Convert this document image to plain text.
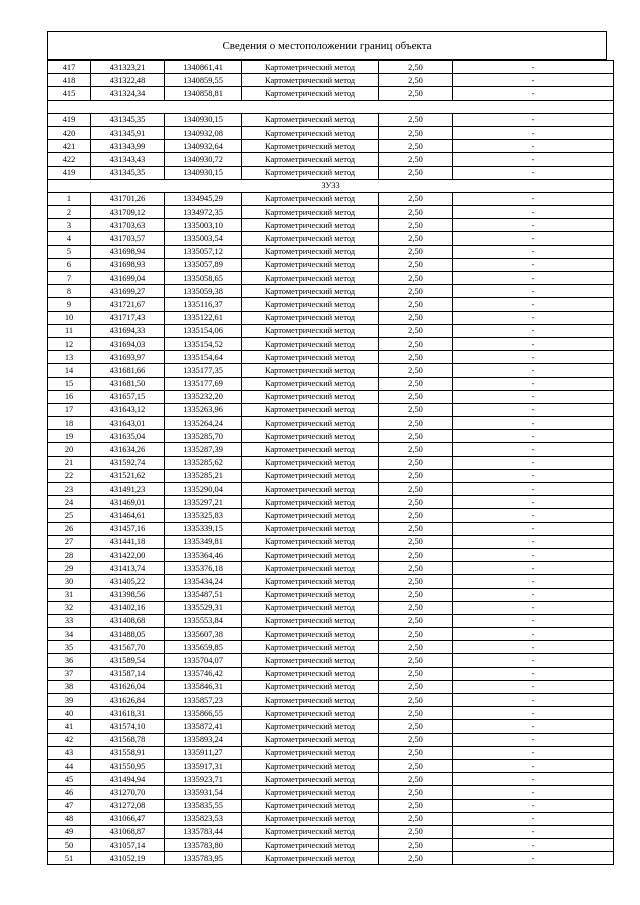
Сведения о местоположении границ объекта
417	431323,21	1340861,41	Картометрический метод	2,50	-
418	431322,48	1340859,55	Картометрический метод	2,50	-
415	431324,34	1340858,81	Картометрический метод	2,50	-

419	431345,35	1340930,15	Картометрический метод	2,50	-
420	431345,91	1340932,08	Картометрический метод	2,50	-
421	431343,99	1340932,64	Картометрический метод	2,50	-
422	431343,43	1340930,72	Картометрический метод	2,50	-
419	431345,35	1340930,15	Картометрический метод	2,50	-
ЗУ33					
1	431701,26	1334945,29	Картометрический метод	2,50	-
2	431709,12	1334972,35	Картометрический метод	2,50	-
3	431703,63	1335003,10	Картометрический метод	2,50	-
4	431703,57	1335003,54	Картометрический метод	2,50	-
5	431698,94	1335057,12	Картометрический метод	2,50	-
6	431698,93	1335057,89	Картометрический метод	2,50	-
7	431699,04	1335058,65	Картометрический метод	2,50	-
8	431699,27	1335059,38	Картометрический метод	2,50	-
9	431721,67	1335116,37	Картометрический метод	2,50	-
10	431717,43	1335122,61	Картометрический метод	2,50	-
11	431694,33	1335154,06	Картометрический метод	2,50	-
12	431694,03	1335154,52	Картометрический метод	2,50	-
13	431693,97	1335154,64	Картометрический метод	2,50	-
14	431681,66	1335177,35	Картометрический метод	2,50	-
15	431681,50	1335177,69	Картометрический метод	2,50	-
16	431657,15	1335232,20	Картометрический метод	2,50	-
17	431643,12	1335263,96	Картометрический метод	2,50	-
18	431643,01	1335264,24	Картометрический метод	2,50	-
19	431635,04	1335285,70	Картометрический метод	2,50	-
20	431634,26	1335287,39	Картометрический метод	2,50	-
21	431592,74	1335285,62	Картометрический метод	2,50	-
22	431521,62	1335285,21	Картометрический метод	2,50	-
23	431491,23	1335290,04	Картометрический метод	2,50	-
24	431469,01	1335297,21	Картометрический метод	2,50	-
25	431464,61	1335325,83	Картометрический метод	2,50	-
26	431457,16	1335339,15	Картометрический метод	2,50	-
27	431441,18	1335349,81	Картометрический метод	2,50	-
28	431422,00	1335364,46	Картометрический метод	2,50	-
29	431413,74	1335376,18	Картометрический метод	2,50	-
30	431405,22	1335434,24	Картометрический метод	2,50	-
31	431398,56	1335487,51	Картометрический метод	2,50	-
32	431402,16	1335529,31	Картометрический метод	2,50	-
33	431408,68	1335553,84	Картометрический метод	2,50	-
34	431488,05	1335607,38	Картометрический метод	2,50	-
35	431567,70	1335659,85	Картометрический метод	2,50	-
36	431589,54	1335704,07	Картометрический метод	2,50	-
37	431587,14	1335746,42	Картометрический метод	2,50	-
38	431626,04	1335846,31	Картометрический метод	2,50	-
39	431626,84	1335857,23	Картометрический метод	2,50	-
40	431618,31	1335866,55	Картометрический метод	2,50	-
41	431574,10	1335872,41	Картометрический метод	2,50	-
42	431568,78	1335893,24	Картометрический метод	2,50	-
43	431558,91	1335911,27	Картометрический метод	2,50	-
44	431550,95	1335917,31	Картометрический метод	2,50	-
45	431494,94	1335923,71	Картометрический метод	2,50	-
46	431270,70	1335931,54	Картометрический метод	2,50	-
47	431272,08	1335835,55	Картометрический метод	2,50	-
48	431066,47	1335823,53	Картометрический метод	2,50	-
49	431068,87	1335783,44	Картометрический метод	2,50	-
50	431057,14	1335783,80	Картометрический метод	2,50	-
51	431052,19	1335783,95	Картометрический метод	2,50	-
